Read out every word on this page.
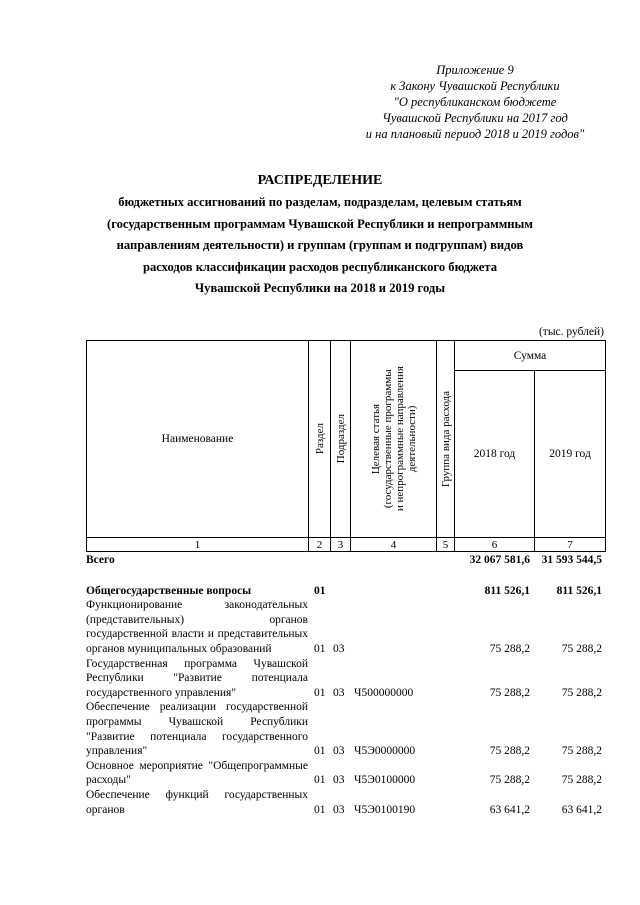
Приложение 9
к Закону Чувашской Республики
"О республиканском бюджете
Чувашской Республики на 2017 год
и на плановый период 2018 и 2019 годов"
РАСПРЕДЕЛЕНИЕ
бюджетных ассигнований по разделам, подразделам, целевым статьям
(государственным программам Чувашской Республики и непрограммным
направлениям деятельности) и группам (группам и подгруппам) видов
расходов классификации расходов республиканского бюджета
Чувашской Республики на 2018 и 2019 годы
(тыс. рублей)
Наименование	Раздел	Подраздел	Целевая статья (государственные программы и непрограммные направления деятельности)	Группа вида расхода	Сумма	
					2018 год	2019 год
1	2	3	4	5	6	7
Всего	32 067 581,6	31 593 544,5
Общегосударственные вопросы	01	811 526,1	811 526,1
Функционирование законодательных (представительных) органов государственной власти и представительных органов муниципальных образований	01 03	75 288,2	75 288,2
Государственная программа Чувашской Республики "Развитие потенциала государственного управления"	01 03 Ч500000000	75 288,2	75 288,2
Обеспечение реализации государственной программы Чувашской Республики "Развитие потенциала государственного управления"	01 03 Ч5Э0000000	75 288,2	75 288,2
Основное мероприятие "Общепрограммные расходы"	01 03 Ч5Э0100000	75 288,2	75 288,2
Обеспечение функций государственных органов	01 03 Ч5Э0100190	63 641,2	63 641,2
